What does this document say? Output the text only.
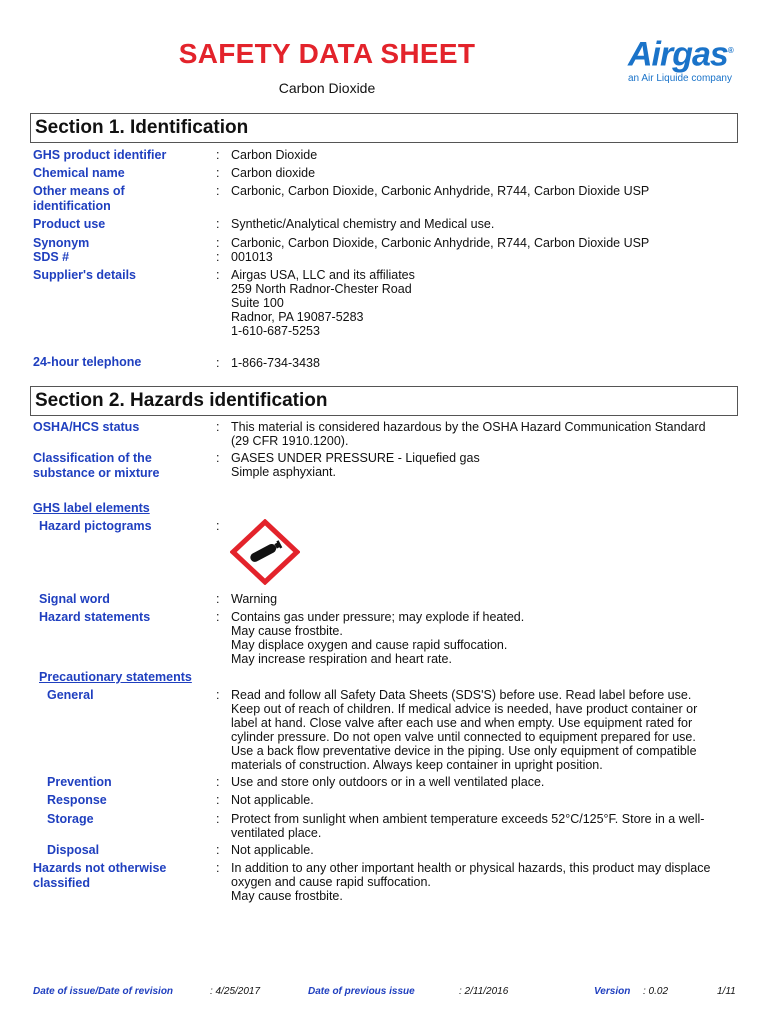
SAFETY DATA SHEET
Carbon Dioxide
Airgas®
an Air Liquide company
Section 1. Identification
GHS product identifier	: Carbon Dioxide
Chemical name	: Carbon dioxide
Other means of
identification
: Carbonic, Carbon Dioxide, Carbonic Anhydride, R744, Carbon Dioxide USP
Product use	: Synthetic/Analytical chemistry and Medical use.
Synonym	: Carbonic, Carbon Dioxide, Carbonic Anhydride, R744, Carbon Dioxide USP
SDS #	: 001013
Supplier's details	: Airgas USA, LLC and its affiliates
259 North Radnor-Chester Road
Suite 100
Radnor, PA 19087-5283
1-610-687-5253
24-hour telephone	: 1-866-734-3438
Section 2. Hazards identification
OSHA/HCS status	: This material is considered hazardous by the OSHA Hazard Communication Standard
(29 CFR 1910.1200).
Classification of the
substance or mixture
: GASES UNDER PRESSURE - Liquefied gas
Simple asphyxiant.
GHS label elements
Hazard pictograms	:
Signal word	: Warning
Hazard statements	: Contains gas under pressure; may explode if heated.
May cause frostbite.
May displace oxygen and cause rapid suffocation.
May increase respiration and heart rate.
Precautionary statements
General	: Read and follow all Safety Data Sheets (SDS'S) before use. Read label before use.
Keep out of reach of children. If medical advice is needed, have product container or
label at hand. Close valve after each use and when empty. Use equipment rated for
cylinder pressure. Do not open valve until connected to equipment prepared for use.
Use a back flow preventative device in the piping. Use only equipment of compatible
materials of construction. Always keep container in upright position.
Prevention	: Use and store only outdoors or in a well ventilated place.
Response	: Not applicable.
Storage	: Protect from sunlight when ambient temperature exceeds 52°C/125°F. Store in a well-
ventilated place.
Disposal	: Not applicable.
Hazards not otherwise
classified
: In addition to any other important health or physical hazards, this product may displace
oxygen and cause rapid suffocation.
May cause frostbite.
Date of issue/Date of revision	: 4/25/2017	Date of previous issue	: 2/11/2016	Version : 0.02	1/11
